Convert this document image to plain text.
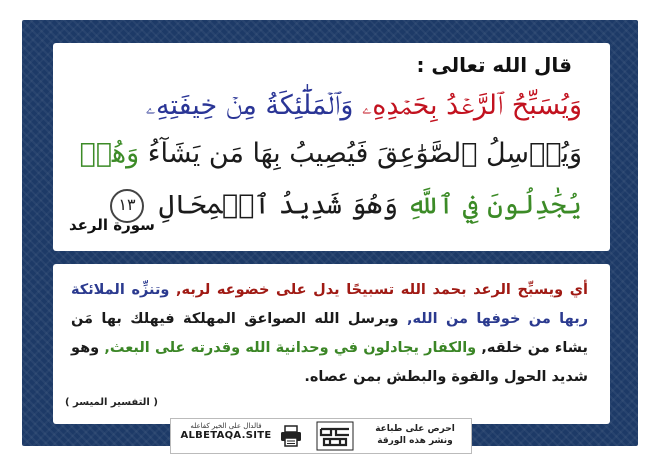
قال الله تعالى :
وَيُسَبِّحُ ٱلرَّعۡدُ بِحَمۡدِهِۦ وَٱلۡمَلَٰٓئِكَةُ مِنۡ خِيفَتِهِۦ
وَيُرۡسِلُ ٱلصَّوَٰعِقَ فَيُصِيبُ بِهَا مَن يَشَآءُ وَهُمۡ
يُجَٰدِلُونَ فِي ٱللَّهِ وَهُوَ شَدِيدُ ٱلۡمِحَالِ ١٣
سورة الرعد
أي ويسبِّح الرعد بحمد الله تسبيحًا يدل على خضوعه لربه, وتنزِّه الملائكة ربها من خوفها من الله, ويرسل الله الصواعق المهلكة فيهلك بها مَن يشاء من خلقه, والكفار يجادلون في وحدانية الله وقدرته على البعث, وهو شديد الحول والقوة والبطش بمن عصاه.
( التفسير الميسر )
فالدال على الخير كفاعله
ALBETAQA.SITE
احرص على طباعة
ونشر هذه الورقة
